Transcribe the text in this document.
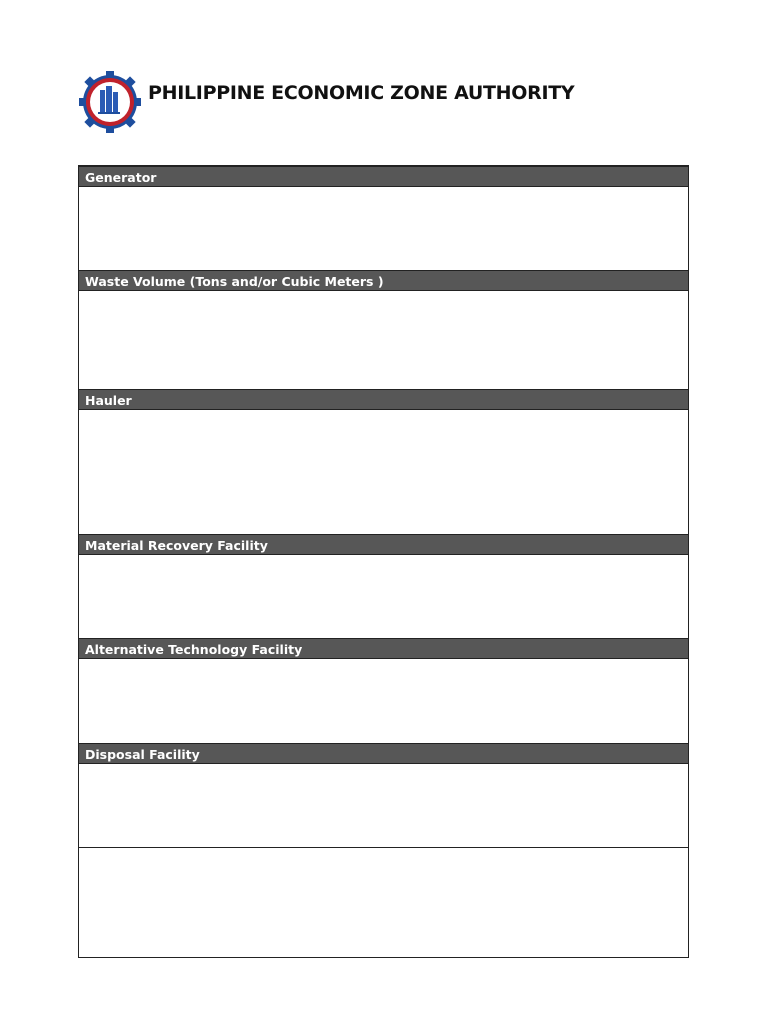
PHILIPPINE ECONOMIC ZONE AUTHORITY
Generator
Waste Volume (Tons and/or Cubic Meters )
Hauler
Material Recovery Facility
Alternative Technology Facility
Disposal Facility
